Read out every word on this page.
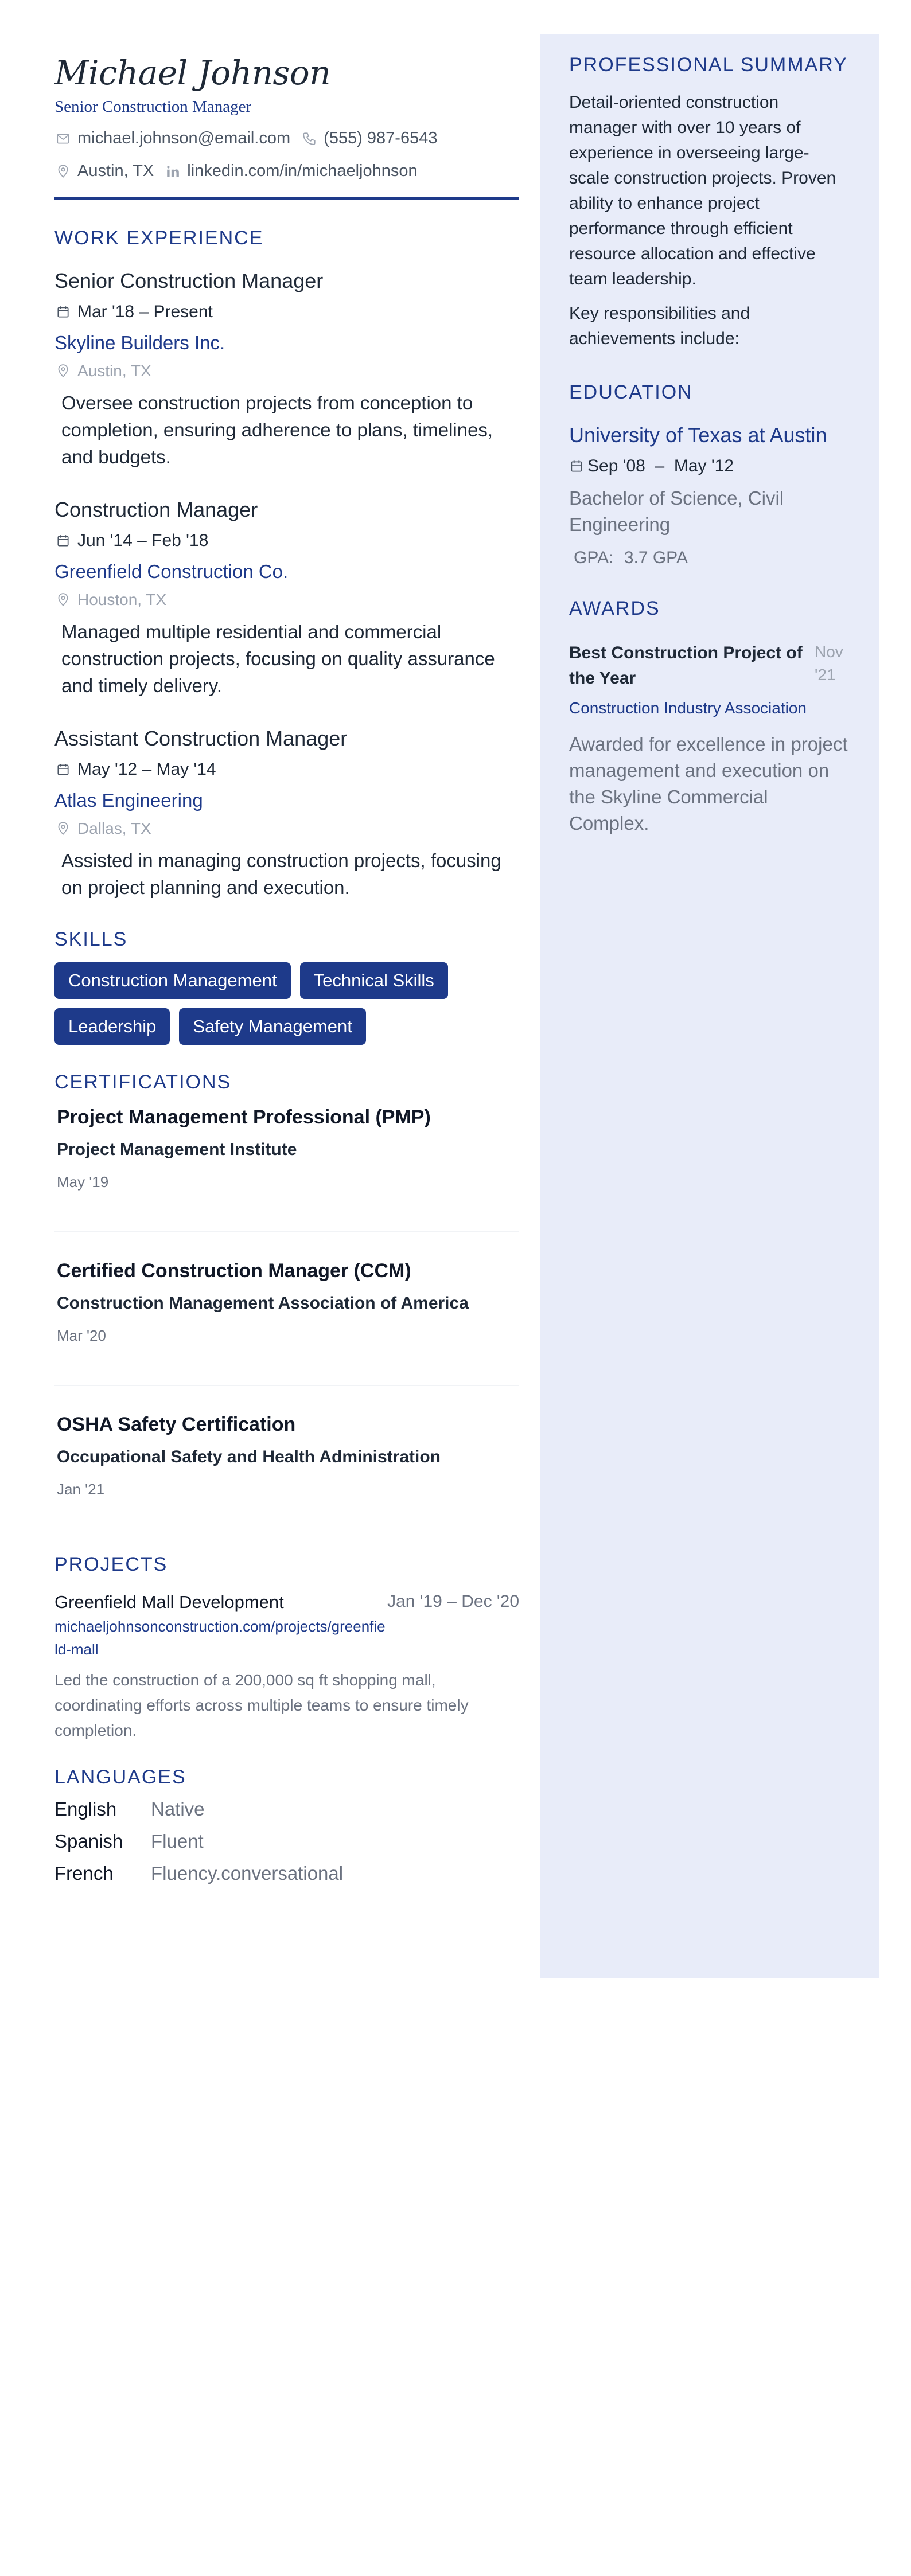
Michael Johnson
Senior Construction Manager
michael.johnson@email.com (555) 987-6543
Austin, TX linkedin.com/in/michaeljohnson
WORK EXPERIENCE
Senior Construction Manager
Mar '18 – Present
Skyline Builders Inc.
Austin, TX
Oversee construction projects from conception to completion, ensuring adherence to plans, timelines, and budgets.
Construction Manager
Jun '14 – Feb '18
Greenfield Construction Co.
Houston, TX
Managed multiple residential and commercial construction projects, focusing on quality assurance and timely delivery.
Assistant Construction Manager
May '12 – May '14
Atlas Engineering
Dallas, TX
Assisted in managing construction projects, focusing on project planning and execution.
SKILLS
Construction Management	Technical Skills
Leadership	Safety Management
CERTIFICATIONS
Project Management Professional (PMP)
Project Management Institute
May '19
Certified Construction Manager (CCM)
Construction Management Association of America
Mar '20
OSHA Safety Certification
Occupational Safety and Health Administration
Jan '21
PROJECTS
Greenfield Mall Development	Jan '19 – Dec '20
michaeljohnsonconstruction.com/projects/greenfield-mall
Led the construction of a 200,000 sq ft shopping mall, coordinating efforts across multiple teams to ensure timely completion.
LANGUAGES
English	Native
Spanish	Fluent
French	Fluency.conversational
PROFESSIONAL SUMMARY
Detail-oriented construction manager with over 10 years of experience in overseeing large-scale construction projects. Proven ability to enhance project performance through efficient resource allocation and effective team leadership.
Key responsibilities and achievements include:
EDUCATION
University of Texas at Austin
Sep '08  –  May '12
Bachelor of Science, Civil Engineering
GPA: 3.7 GPA
AWARDS
Best Construction Project of the Year
Nov '21
Construction Industry Association
Awarded for excellence in project management and execution on the Skyline Commercial Complex.
